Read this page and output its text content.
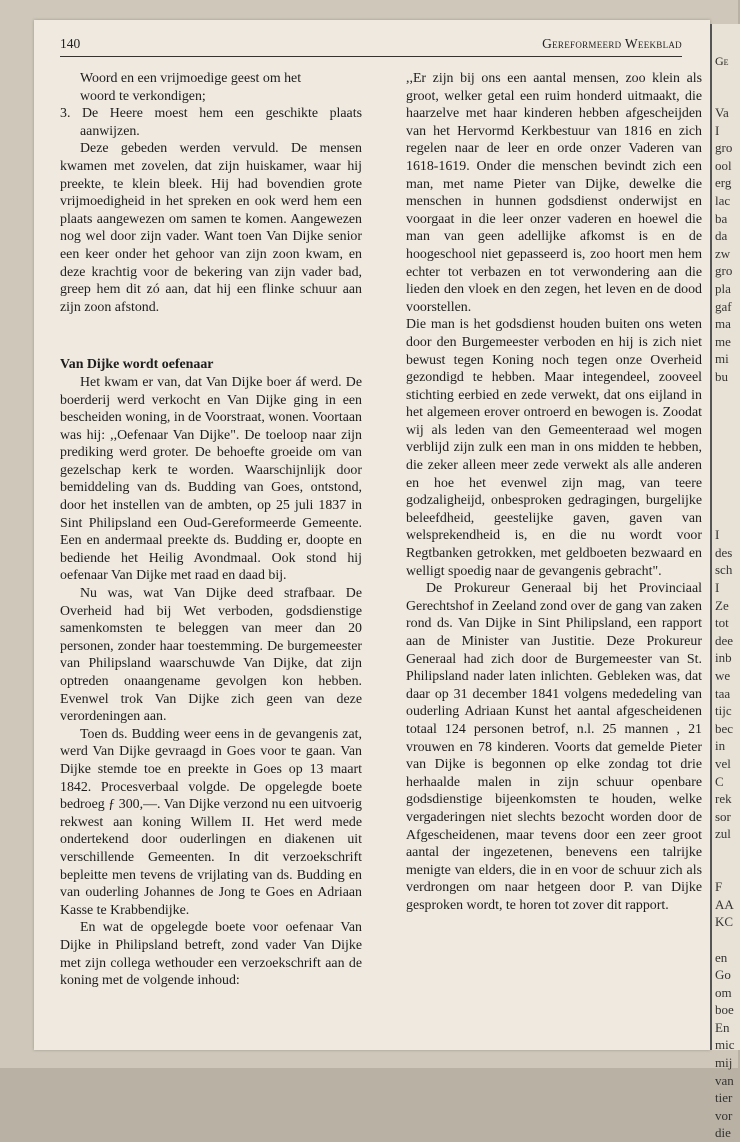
140	Gereformeerd Weekblad

Woord en een vrijmoedige geest om het

woord te verkondigen;

3. De Heere moest hem een geschikte plaats aanwijzen.

Deze gebeden werden vervuld. De mensen kwamen met zovelen, dat zijn huiskamer, waar hij preekte, te klein bleek. Hij had bovendien grote vrijmoedigheid in het spreken en ook werd hem een plaats aangewezen om samen te komen. Aangewezen nog wel door zijn vader. Want toen Van Dijke senior een keer onder het gehoor van zijn zoon kwam, en deze krachtig voor de bekering van zijn vader bad, greep hem dit zó aan, dat hij een flinke schuur aan zijn zoon afstond.

Van Dijke wordt oefenaar

Het kwam er van, dat Van Dijke boer áf werd. De boerderij werd verkocht en Van Dijke ging in een bescheiden woning, in de Voorstraat, wonen. Voortaan was hij: ,,Oefenaar Van Dijke". De toeloop naar zijn prediking werd groter. De behoefte groeide om van gezelschap kerk te worden. Waarschijnlijk door bemiddeling van ds. Budding van Goes, ontstond, door het instellen van de ambten, op 25 juli 1837 in Sint Philipsland een Oud-Gereformeerde Gemeente. Een en andermaal preekte ds. Budding er, doopte en bediende het Heilig Avondmaal. Ook stond hij oefenaar Van Dijke met raad en daad bij.

Nu was, wat Van Dijke deed strafbaar. De Overheid had bij Wet verboden, godsdienstige samenkomsten te beleggen van meer dan 20 personen, zonder haar toestemming. De burgemeester van Philipsland waarschuwde Van Dijke, dat zijn optreden onaangename gevolgen kon hebben. Evenwel trok Van Dijke zich geen van deze verordeningen aan.

Toen ds. Budding weer eens in de gevangenis zat, werd Van Dijke gevraagd in Goes voor te gaan. Van Dijke stemde toe en preekte in Goes op 13 maart 1842. Procesverbaal volgde. De opgelegde boete bedroeg ƒ 300,—. Van Dijke verzond nu een uitvoerig rekwest aan koning Willem II. Het werd mede ondertekend door ouderlingen en diakenen uit verschillende Gemeenten. In dit verzoekschrift bepleitte men tevens de vrijlating van ds. Budding en van ouderling Johannes de Jong te Goes en Adriaan Kasse te Krabbendijke.

En wat de opgelegde boete voor oefenaar Van Dijke in Philipsland betreft, zond vader Van Dijke met zijn collega wethouder een verzoekschrift aan de koning met de volgende inhoud:

,,Er zijn bij ons een aantal mensen, zoo klein als groot, welker getal een ruim honderd uitmaakt, die haarzelve met haar kinderen hebben afgescheijden van het Hervormd Kerkbestuur van 1816 en zich regelen naar de leer en orde onzer Vaderen van 1618-1619. Onder die menschen bevindt zich een man, met name Pieter van Dijke, dewelke die menschen in hunnen godsdienst onderwijst en voorgaat in die leer onzer vaderen en hoewel die man van geen adellijke afkomst is en de hoogeschool niet gepasseerd is, zoo hoort men hem echter tot verbazen en tot verwondering aan die lieden den vloek en den zegen, het leven en de dood voorstellen.

Die man is het godsdienst houden buiten ons weten door den Burgemeester verboden en hij is zich niet bewust tegen Koning noch tegen onze Overheid gezondigd te hebben. Maar integendeel, zooveel stichting eerbied en zede verwekt, dat ons eijland in het algemeen erover ontroerd en bewogen is. Zoodat wij als leden van den Gemeenteraad wel mogen verblijd zijn zulk een man in ons midden te hebben, die zeker alleen meer zede verwekt als alle anderen en hoe het evenwel zijn mag, van teere godzaligheijd, onbesproken gedragingen, burgelijke beleefdheid, geestelijke gaven, gaven van welsprekendheid is, en die nu wordt voor Regtbanken getrokken, met geldboeten bezwaard en welligt spoedig naar de gevangenis gebracht".

De Prokureur Generaal bij het Provinciaal Gerechtshof in Zeeland zond over de gang van zaken rond ds. Van Dijke in Sint Philipsland, een rapport aan de Minister van Justitie. Deze Prokureur Generaal had zich door de Burgemeester van St. Philipsland nader laten inlichten. Gebleken was, dat daar op 31 december 1841 volgens mededeling van ouderling Adriaan Kunst het aantal afgescheidenen totaal 124 personen betrof, n.l. 25 mannen , 21 vrouwen en 78 kinderen. Voorts dat gemelde Pieter van Dijke is begonnen op elke zondag tot drie herhaalde malen in zijn schuur openbare godsdienstige bijeenkomsten te houden, welke vergaderingen niet slechts bezocht worden door de Afgescheidenen, maar tevens door een zeer groot aantal der ingezetenen, benevens een talrijke menigte van elders, die in en voor de schuur zich als verdrongen om naar hetgeen door P. van Dijke gesproken wordt, te horen tot zover dit rapport.

Ge
Va
I
gro
ool
erg
lac
ba
da
zw
gro
pla
gaf
ma
me
mi
bu

I
des
sch
I
Ze
tot
dee
inb
we
taa
tijc
bec
in
vel
C
rek
sor
zul

F
AA
KC

en
Go
om
boe
En
mic
mij
van
tier
vor
die
